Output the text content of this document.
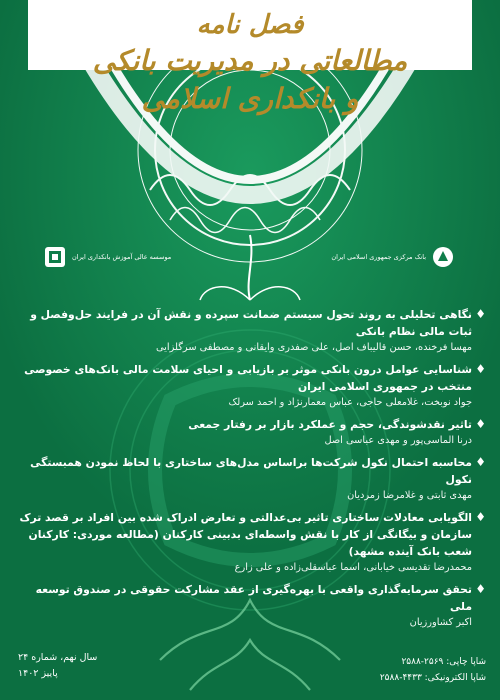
فصل نامه
مطالعاتی در مدیریت بانکی
و بانکداری اسلامی
موسسه عالی آموزش بانکداری ایران	بانک مرکزی جمهوری اسلامی ایران
♦
نگاهی تحلیلی به روند تحول سیستم ضمانت سپرده و نقش آن در فرایند حل‌وفصل و ثبات مالی نظام بانکی
مهسا فرخنده، حسن قالیباف اصل، علی صفدری وایقانی و مصطفی سرگلزایی
♦
شناسایی عوامل درون بانکی موثر بر بازیابی و احیای سلامت مالی بانک‌های خصوصی منتخب در جمهوری اسلامی ایران
جواد نوبخت، غلامعلی حاجی، عباس معمارنژاد و احمد سرلک
♦
تاثیر نقدشوندگی، حجم و عملکرد بازار بر رفتار جمعی
درنا الماسی‌پور و مهدی عباسی اصل
♦
محاسبه احتمال نکول شرکت‌ها براساس مدل‌های ساختاری با لحاظ نمودن همبستگی نکول
مهدی ثابتی و غلامرضا زمردیان
♦
الگویابی معادلات ساختاری تاثیر بی‌عدالتی و تعارض ادراک شده بین افراد بر قصد ترک سازمان و بیگانگی از کار با نقش واسطه‌ای بدبینی کارکنان (مطالعه موردی: کارکنان شعب بانک آینده مشهد)
محمدرضا تقدیسی خیابانی، اسما عباسقلی‌زاده و علی زارع
♦
تحقق سرمایه‌گذاری واقعی با بهره‌گیری از عقد مشارکت حقوقی در صندوق توسعه ملی
اکبر کشاورزیان
سال نهم، شماره ۲۴
پاییز ۱۴۰۲
شاپا چاپی: ۲۵۶۹-۲۵۸۸
شاپا الکترونیکی: ۴۴۳۳-۲۵۸۸
